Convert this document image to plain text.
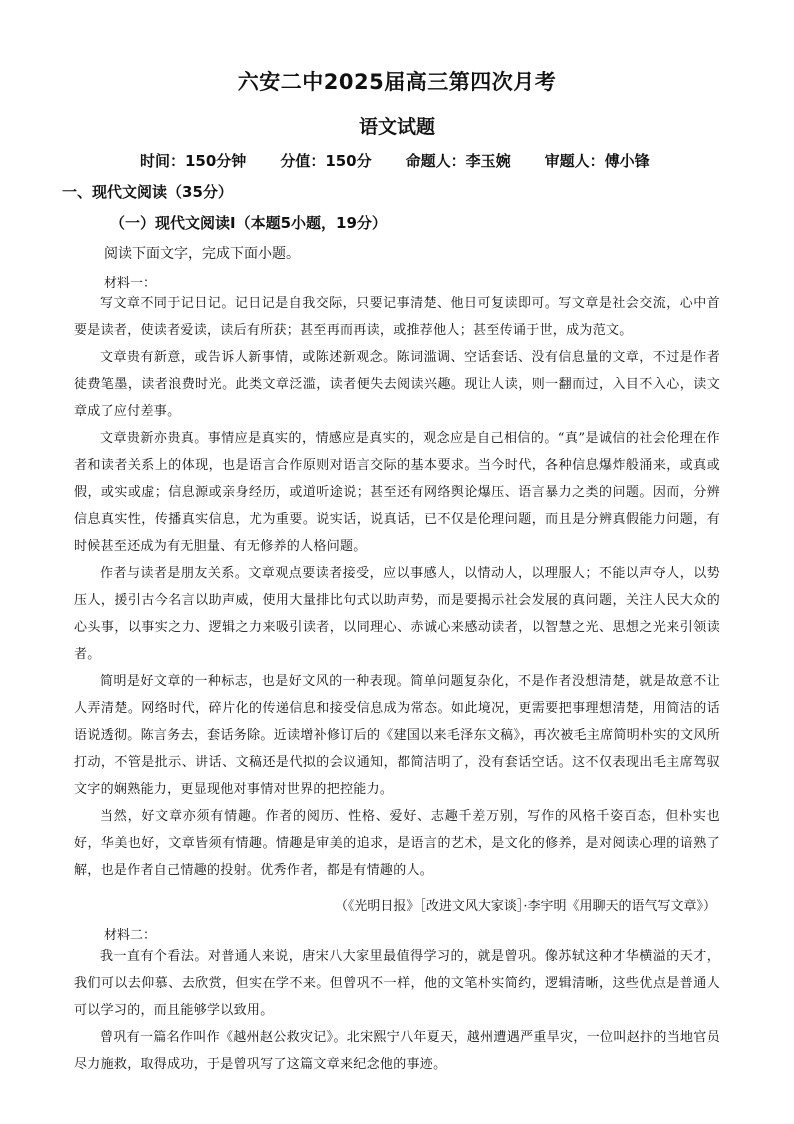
六安二中2025届高三第四次月考
语文试题
时间：150分钟 分值：150分 命题人：李玉婉 审题人：傅小锋
一、现代文阅读（35分）
（一）现代文阅读Ⅰ（本题5小题，19分）
阅读下面文字，完成下面小题。
材料一：

写文章不同于记日记。记日记是自我交际，只要记事清楚、他日可复读即可。写文章是社会交流，心中首要是读者，使读者爱读，读后有所获；甚至再而再读，或推荐他人；甚至传诵于世，成为范文。

文章贵有新意，或告诉人新事情，或陈述新观念。陈词滥调、空话套话、没有信息量的文章，不过是作者徒费笔墨，读者浪费时光。此类文章泛滥，读者便失去阅读兴趣。现让人读，则一翻而过，入目不入心，读文章成了应付差事。

文章贵新亦贵真。事情应是真实的，情感应是真实的，观念应是自己相信的。“真”是诚信的社会伦理在作者和读者关系上的体现，也是语言合作原则对语言交际的基本要求。当今时代，各种信息爆炸般涌来，或真或假，或实或虚；信息源或亲身经历，或道听途说；甚至还有网络舆论爆压、语言暴力之类的问题。因而，分辨信息真实性，传播真实信息，尤为重要。说实话，说真话，已不仅是伦理问题，而且是分辨真假能力问题，有时候甚至还成为有无胆量、有无修养的人格问题。

作者与读者是朋友关系。文章观点要读者接受，应以事感人，以情动人，以理服人；不能以声夺人，以势压人，援引古今名言以助声威，使用大量排比句式以助声势，而是要揭示社会发展的真问题，关注人民大众的心头事，以事实之力、逻辑之力来吸引读者，以同理心、赤诚心来感动读者，以智慧之光、思想之光来引领读者。

简明是好文章的一种标志，也是好文风的一种表现。简单问题复杂化，不是作者没想清楚，就是故意不让人弄清楚。网络时代，碎片化的传递信息和接受信息成为常态。如此境况，更需要把事理想清楚，用简洁的话语说透彻。陈言务去，套话务除。近读增补修订后的《建国以来毛泽东文稿》，再次被毛主席简明朴实的文风所打动，不管是批示、讲话、文稿还是代拟的会议通知，都简洁明了，没有套话空话。这不仅表现出毛主席驾驭文字的娴熟能力，更显现他对事情对世界的把控能力。

当然，好文章亦须有情趣。作者的阅历、性格、爱好、志趣千差万别，写作的风格千姿百态，但朴实也好，华美也好，文章皆须有情趣。情趣是审美的追求，是语言的艺术，是文化的修养，是对阅读心理的谙熟了解，也是作者自己情趣的投射。优秀作者，都是有情趣的人。

（《光明日报》［改进文风大家谈］·李宇明《用聊天的语气写文章》）
材料二：

我一直有个看法。对普通人来说，唐宋八大家里最值得学习的，就是曾巩。像苏轼这种才华横溢的天才，我们可以去仰慕、去欣赏，但实在学不来。但曾巩不一样，他的文笔朴实简约，逻辑清晰，这些优点是普通人可以学习的，而且能够学以致用。

曾巩有一篇名作叫作《越州赵公救灾记》。北宋熙宁八年夏天，越州遭遇严重旱灾，一位叫赵抃的当地官员尽力施救，取得成功，于是曾巩写了这篇文章来纪念他的事迹。
